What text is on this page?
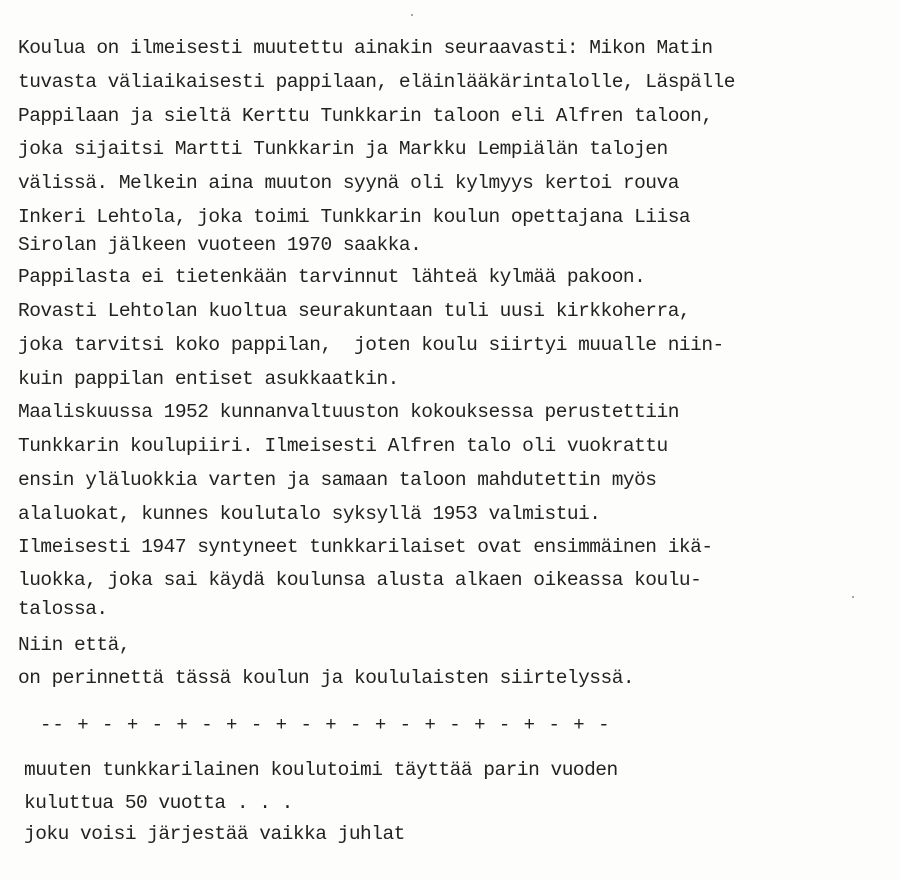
Koulua on ilmeisesti muutettu ainakin seuraavasti: Mikon Matin
tuvasta väliaikaisesti pappilaan, eläinlääkärintalolle, Läspälle
Pappilaan ja sieltä Kerttu Tunkkarin taloon eli Alfren taloon,
joka sijaitsi Martti Tunkkarin ja Markku Lempiälän talojen
välissä. Melkein aina muuton syynä oli kylmyys kertoi rouva
Inkeri Lehtola, joka toimi Tunkkarin koulun opettajana Liisa
Sirolan jälkeen vuoteen 1970 saakka.
Pappilasta ei tietenkään tarvinnut lähteä kylmää pakoon.
Rovasti Lehtolan kuoltua seurakuntaan tuli uusi kirkkoherra,
joka tarvitsi koko pappilan,  joten koulu siirtyi muualle niin-
kuin pappilan entiset asukkaatkin.
Maaliskuussa 1952 kunnanvaltuuston kokouksessa perustettiin
Tunkkarin koulupiiri. Ilmeisesti Alfren talo oli vuokrattu
ensin yläluokkia varten ja samaan taloon mahdutettin myös
alaluokat, kunnes koulutalo syksyllä 1953 valmistui.
Ilmeisesti 1947 syntyneet tunkkarilaiset ovat ensimmäinen ikä-
luokka, joka sai käydä koulunsa alusta alkaen oikeassa koulu-
talossa.
Niin että,
on perinnettä tässä koulun ja koululaisten siirtelyssä.
-- + - + - + - + - + - + - + - + - + - + - + -
muuten tunkkarilainen koulutoimi täyttää parin vuoden
kuluttua 50 vuotta . . .
joku voisi järjestää vaikka juhlat
